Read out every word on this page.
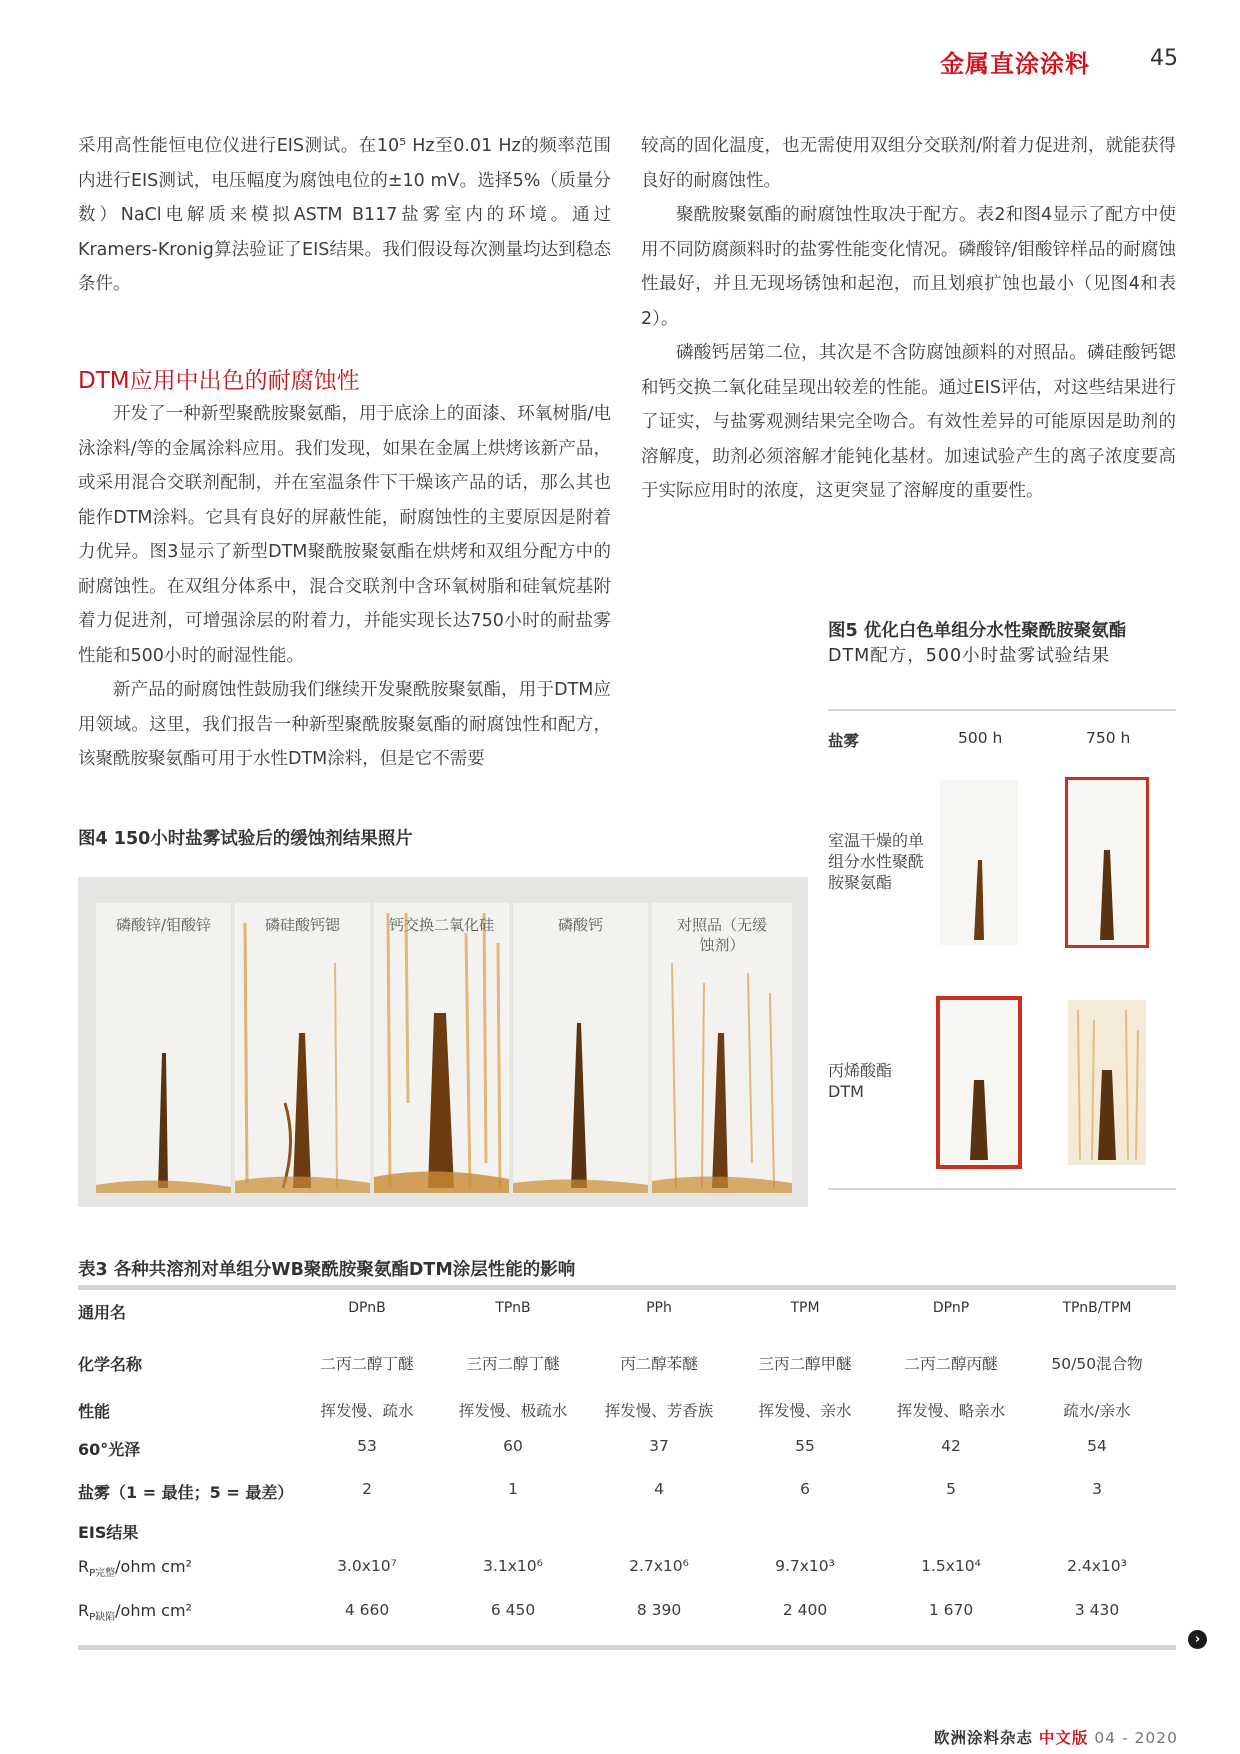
金属直涂涂料	45

采用高性能恒电位仪进行EIS测试。在10⁵ Hz至0.01 Hz的频率范围内进行EIS测试，电压幅度为腐蚀电位的±10 mV。选择5%（质量分数）NaCl电解质来模拟ASTM B117盐雾室内的环境。通过Kramers-Kronig算法验证了EIS结果。我们假设每次测量均达到稳态条件。

DTM应用中出色的耐腐蚀性

开发了一种新型聚酰胺聚氨酯，用于底涂上的面漆、环氧树脂/电泳涂料/等的金属涂料应用。我们发现，如果在金属上烘烤该新产品，或采用混合交联剂配制，并在室温条件下干燥该产品的话，那么其也能作DTM涂料。它具有良好的屏蔽性能，耐腐蚀性的主要原因是附着力优异。图3显示了新型DTM聚酰胺聚氨酯在烘烤和双组分配方中的耐腐蚀性。在双组分体系中，混合交联剂中含环氧树脂和硅氧烷基附着力促进剂，可增强涂层的附着力，并能实现长达750小时的耐盐雾性能和500小时的耐湿性能。

新产品的耐腐蚀性鼓励我们继续开发聚酰胺聚氨酯，用于DTM应用领域。这里，我们报告一种新型聚酰胺聚氨酯的耐腐蚀性和配方，该聚酰胺聚氨酯可用于水性DTM涂料，但是它不需要

较高的固化温度，也无需使用双组分交联剂/附着力促进剂，就能获得良好的耐腐蚀性。

聚酰胺聚氨酯的耐腐蚀性取决于配方。表2和图4显示了配方中使用不同防腐颜料时的盐雾性能变化情况。磷酸锌/钼酸锌样品的耐腐蚀性最好，并且无现场锈蚀和起泡，而且划痕扩蚀也最小（见图4和表2）。

磷酸钙居第二位，其次是不含防腐蚀颜料的对照品。磷硅酸钙锶和钙交换二氧化硅呈现出较差的性能。通过EIS评估，对这些结果进行了证实，与盐雾观测结果完全吻合。有效性差异的可能原因是助剂的溶解度，助剂必须溶解才能钝化基材。加速试验产生的离子浓度要高于实际应用时的浓度，这更突显了溶解度的重要性。

图4 150小时盐雾试验后的缓蚀剂结果照片
磷酸锌/钼酸锌	磷硅酸钙锶	钙交换二氧化硅	磷酸钙	对照品（无缓蚀剂）
图5 优化白色单组分水性聚酰胺聚氨酯
DTM配方，500小时盐雾试验结果
盐雾	500 h	750 h
室温干燥的单组分水性聚酰胺聚氨酯
丙烯酸酯DTM
表3 各种共溶剂对单组分WB聚酰胺聚氨酯DTM涂层性能的影响
通用名	DPnB	TPnB	PPh	TPM	DPnP	TPnB/TPM
化学名称	二丙二醇丁醚	三丙二醇丁醚	丙二醇苯醚	三丙二醇甲醚	二丙二醇丙醚	50/50混合物
性能	挥发慢、疏水	挥发慢、极疏水	挥发慢、芳香族	挥发慢、亲水	挥发慢、略亲水	疏水/亲水
60°光泽	53	60	37	55	42	54
盐雾（1 = 最佳；5 = 最差）	2	1	4	6	5	3
EIS结果
$R_{P完整}$/ohm cm²	3.0x10⁷	3.1x10⁶	2.7x10⁶	9.7x10³	1.5x10⁴	2.4x10³
$R_{P缺陷}$/ohm cm²	4 660	6 450	8 390	2 400	1 670	3 430
›
欧洲涂料杂志 中文版 04 - 2020
